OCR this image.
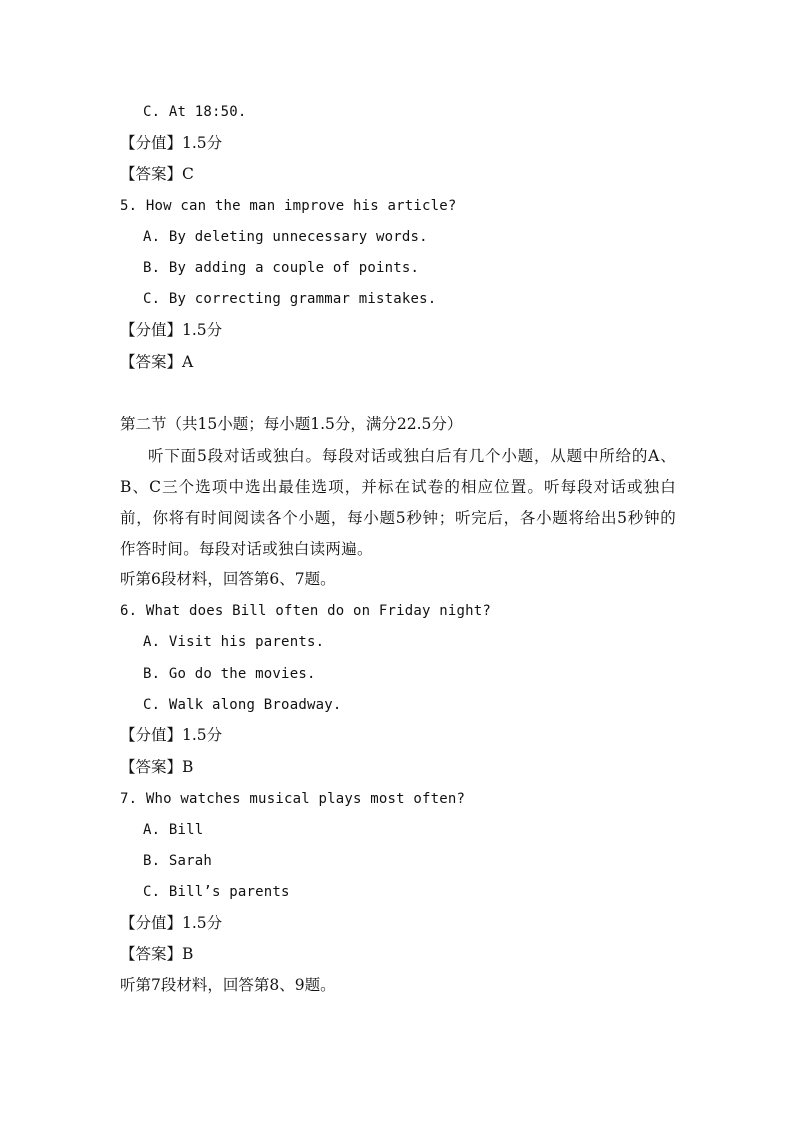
C. At 18:50.
【分值】1.5分
【答案】C
5. How can the man improve his article?
A. By deleting unnecessary words.
B. By adding a couple of points.
C. By correcting grammar mistakes.
【分值】1.5分
【答案】A
第二节（共15小题；每小题1.5分，满分22.5分）
听下面5段对话或独白。每段对话或独白后有几个小题，从题中所给的A、B、C三个选项中选出最佳选项，并标在试卷的相应位置。听每段对话或独白前，你将有时间阅读各个小题，每小题5秒钟；听完后，各小题将给出5秒钟的作答时间。每段对话或独白读两遍。
听第6段材料，回答第6、7题。
6. What does Bill often do on Friday night?
A. Visit his parents.
B. Go do the movies.
C. Walk along Broadway.
【分值】1.5分
【答案】B
7. Who watches musical plays most often?
A. Bill
B. Sarah
C. Bill’s parents
【分值】1.5分
【答案】B
听第7段材料，回答第8、9题。
